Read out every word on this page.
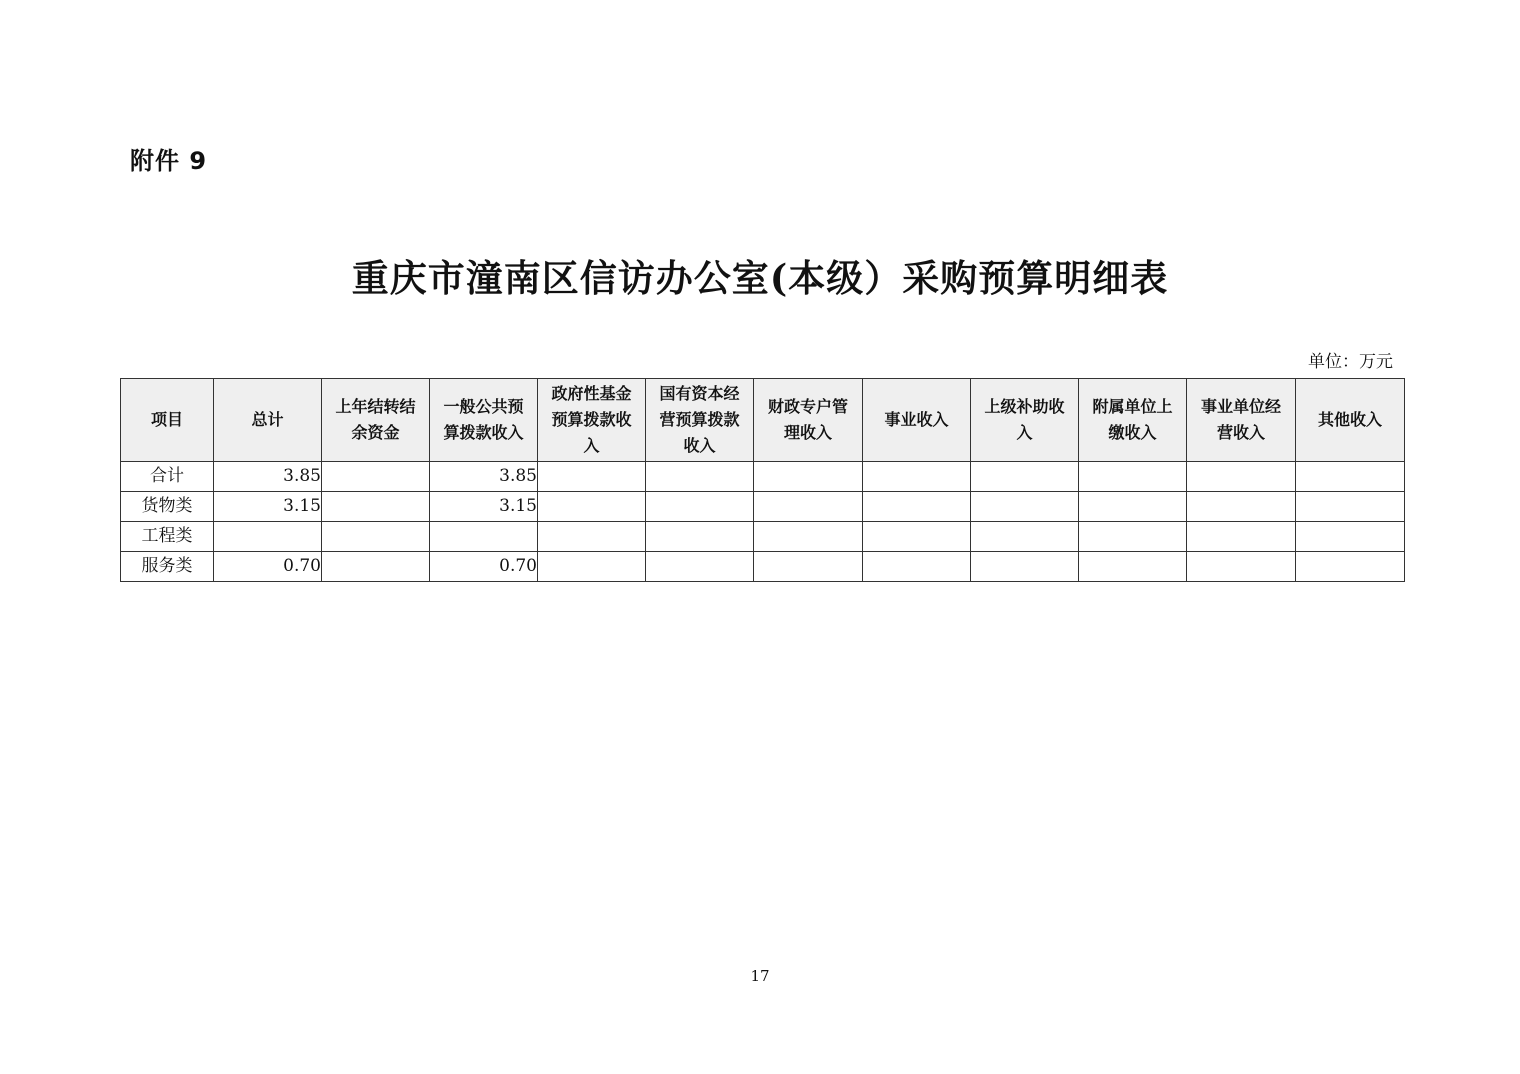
附件 9
重庆市潼南区信访办公室(本级）采购预算明细表
单位：万元
项目	总计	上年结转结余资金	一般公共预算拨款收入	政府性基金预算拨款收入	国有资本经营预算拨款收入	财政专户管理收入	事业收入	上级补助收入	附属单位上缴收入	事业单位经营收入	其他收入
合计	3.85		3.85								
货物类	3.15		3.15								
工程类											
服务类	0.70		0.70								
17
